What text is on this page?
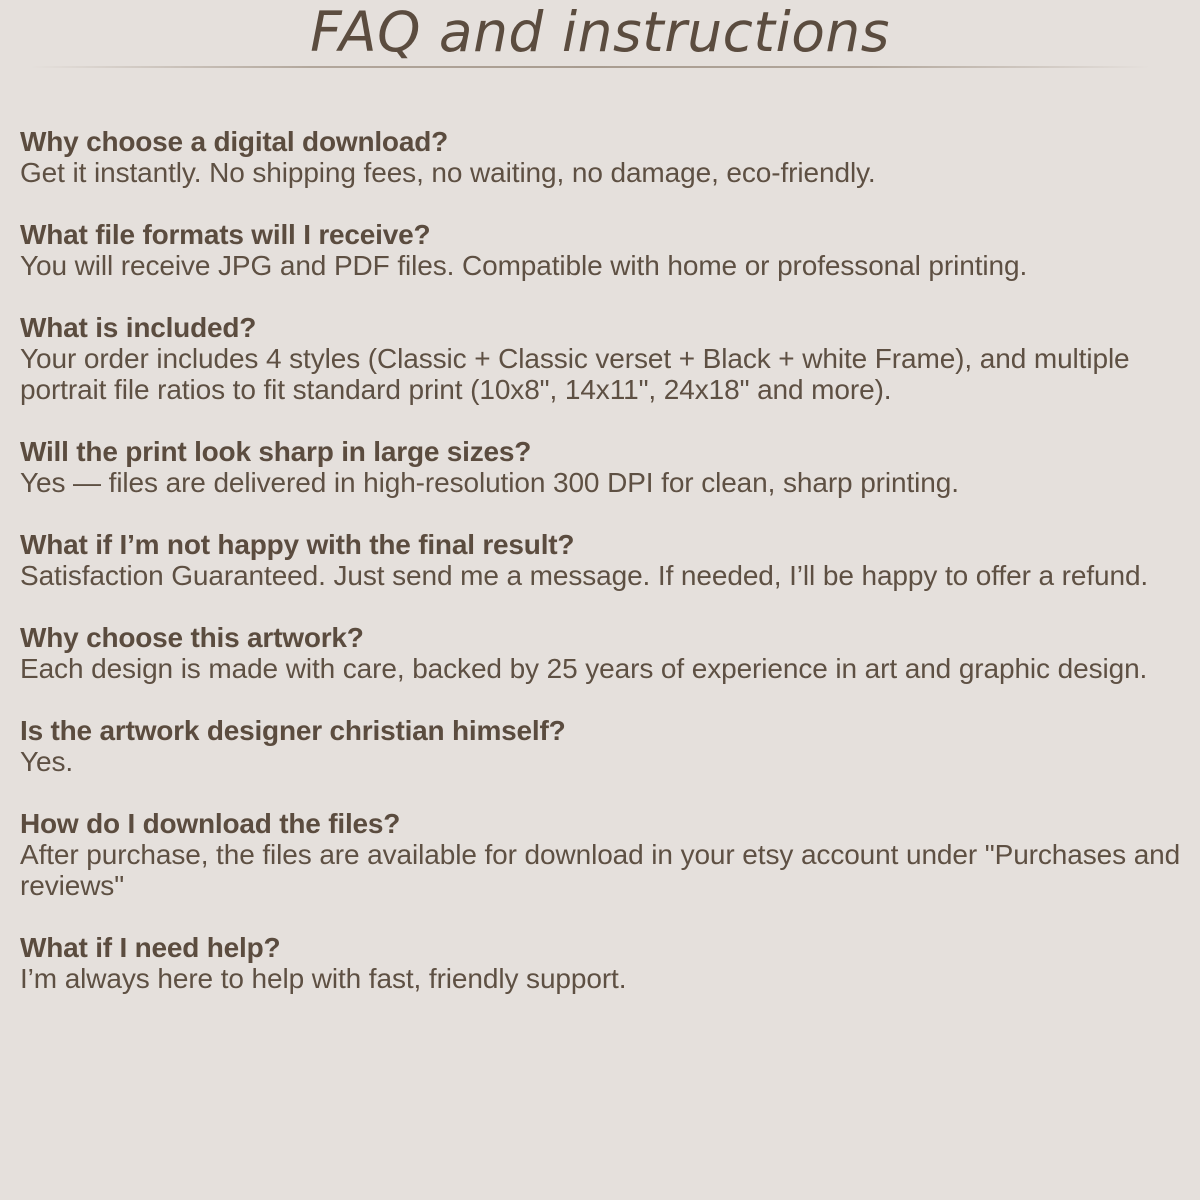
FAQ and instructions

Why choose a digital download?

Get it instantly. No shipping fees, no waiting, no damage, eco-friendly.

What file formats will I receive?

You will receive JPG and PDF files. Compatible with home or professonal printing.

What is included?

Your order includes 4 styles (Classic + Classic verset + Black + white Frame), and multiple portrait file ratios to fit standard print (10x8", 14x11", 24x18" and more).

Will the print look sharp in large sizes?

Yes — files are delivered in high-resolution 300 DPI for clean, sharp printing.

What if I’m not happy with the final result?

Satisfaction Guaranteed. Just send me a message. If needed, I’ll be happy to offer a refund.

Why choose this artwork?

Each design is made with care, backed by 25 years of experience in art and graphic design.

Is the artwork designer christian himself?

Yes.

How do I download the files?

After purchase, the files are available for download in your etsy account under "Purchases and reviews"

What if I need help?

I’m always here to help with fast, friendly support.
